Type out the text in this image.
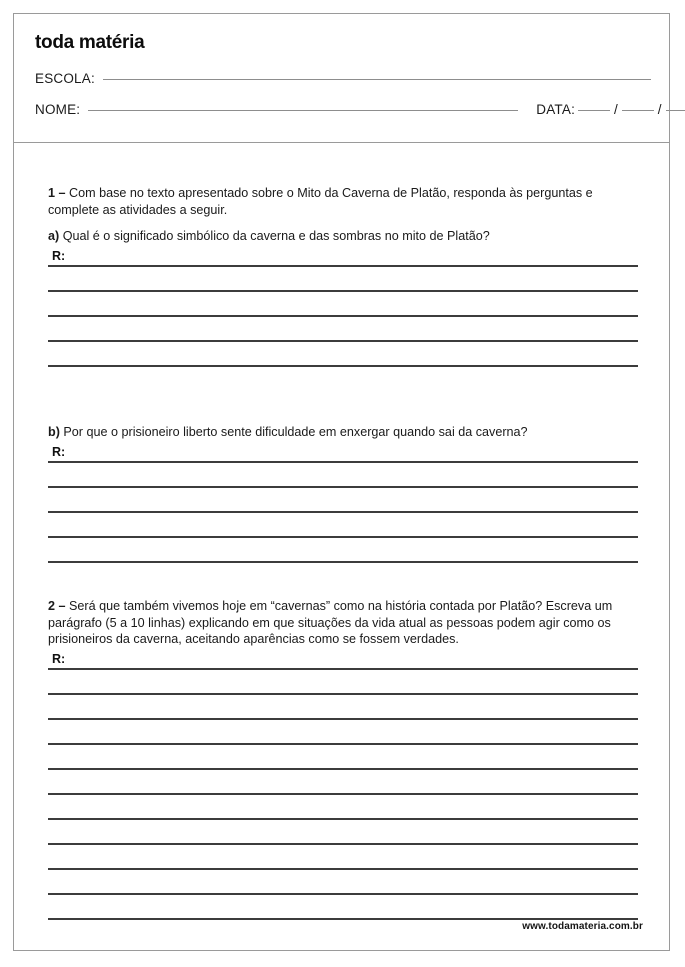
toda matéria
ESCOLA:
NOME:	DATA:	/	/

1 – Com base no texto apresentado sobre o Mito da Caverna de Platão, responda às perguntas e complete as atividades a seguir.

a) Qual é o significado simbólico da caverna e das sombras no mito de Platão?

R:

b) Por que o prisioneiro liberto sente dificuldade em enxergar quando sai da caverna?

R:

2 – Será que também vivemos hoje em “cavernas” como na história contada por Platão? Escreva um parágrafo (5 a 10 linhas) explicando em que situações da vida atual as pessoas podem agir como os prisioneiros da caverna, aceitando aparências como se fossem verdades.

R:
www.todamateria.com.br
